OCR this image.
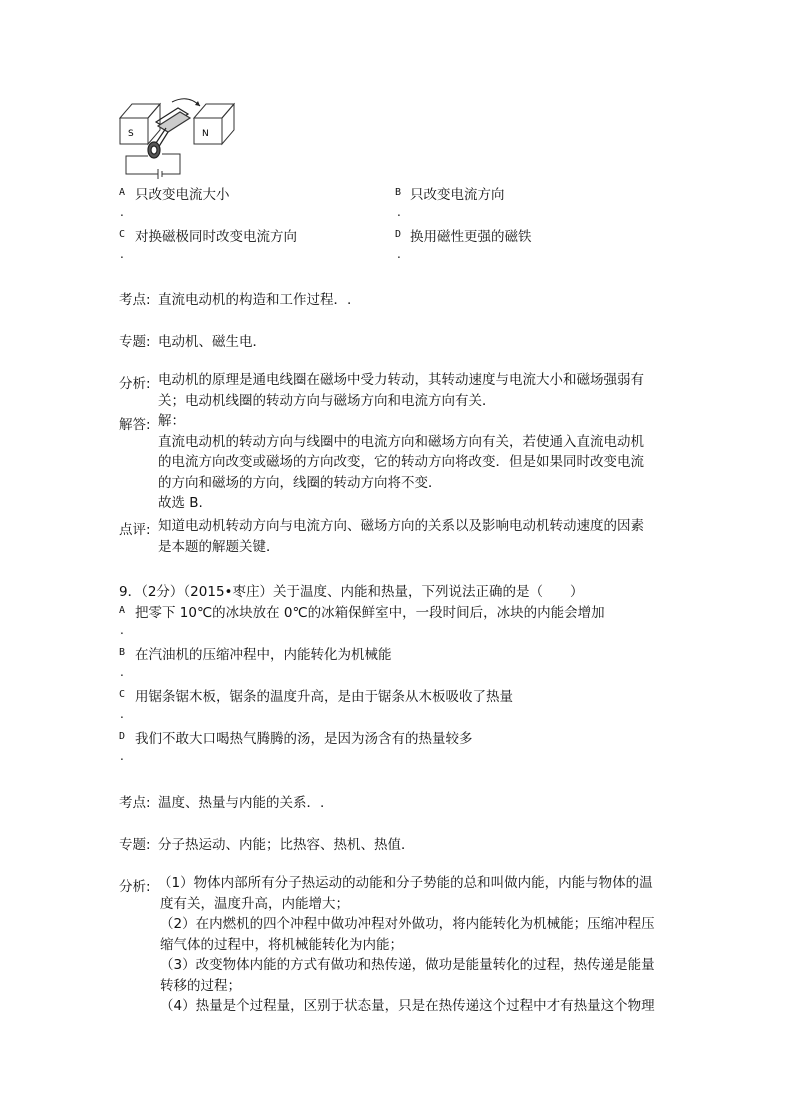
S	N
A 只改变电流大小
.
B 只改变电流方向
.
C 对换磁极同时改变电流方向
.
D 换用磁性更强的磁铁
.
考点: 直流电动机的构造和工作过程．.
专题: 电动机、磁生电．
分析: 电动机的原理是通电线圈在磁场中受力转动，其转动速度与电流大小和磁场强弱有
关；电动机线圈的转动方向与磁场方向和电流方向有关．
解答: 解：
直流电动机的转动方向与线圈中的电流方向和磁场方向有关，若使通入直流电动机
的电流方向改变或磁场的方向改变，它的转动方向将改变．但是如果同时改变电流
的方向和磁场的方向，线圈的转动方向将不变．
故选 B.
点评: 知道电动机转动方向与电流方向、磁场方向的关系以及影响电动机转动速度的因素
是本题的解题关键．
9．（2分）（2015•枣庄）关于温度、内能和热量，下列说法正确的是（　　）
A 把零下 10℃的冰块放在 0℃的冰箱保鲜室中，一段时间后，冰块的内能会增加
.
B 在汽油机的压缩冲程中，内能转化为机械能
.
C 用锯条锯木板，锯条的温度升高，是由于锯条从木板吸收了热量
.
D 我们不敢大口喝热气腾腾的汤，是因为汤含有的热量较多
.
考点: 温度、热量与内能的关系．.
专题: 分子热运动、内能；比热容、热机、热值．
分析: （1）物体内部所有分子热运动的动能和分子势能的总和叫做内能，内能与物体的温
度有关，温度升高，内能增大；
（2）在内燃机的四个冲程中做功冲程对外做功，将内能转化为机械能；压缩冲程压
缩气体的过程中，将机械能转化为内能；
（3）改变物体内能的方式有做功和热传递，做功是能量转化的过程，热传递是能量
转移的过程；
（4）热量是个过程量，区别于状态量，只是在热传递这个过程中才有热量这个物理
